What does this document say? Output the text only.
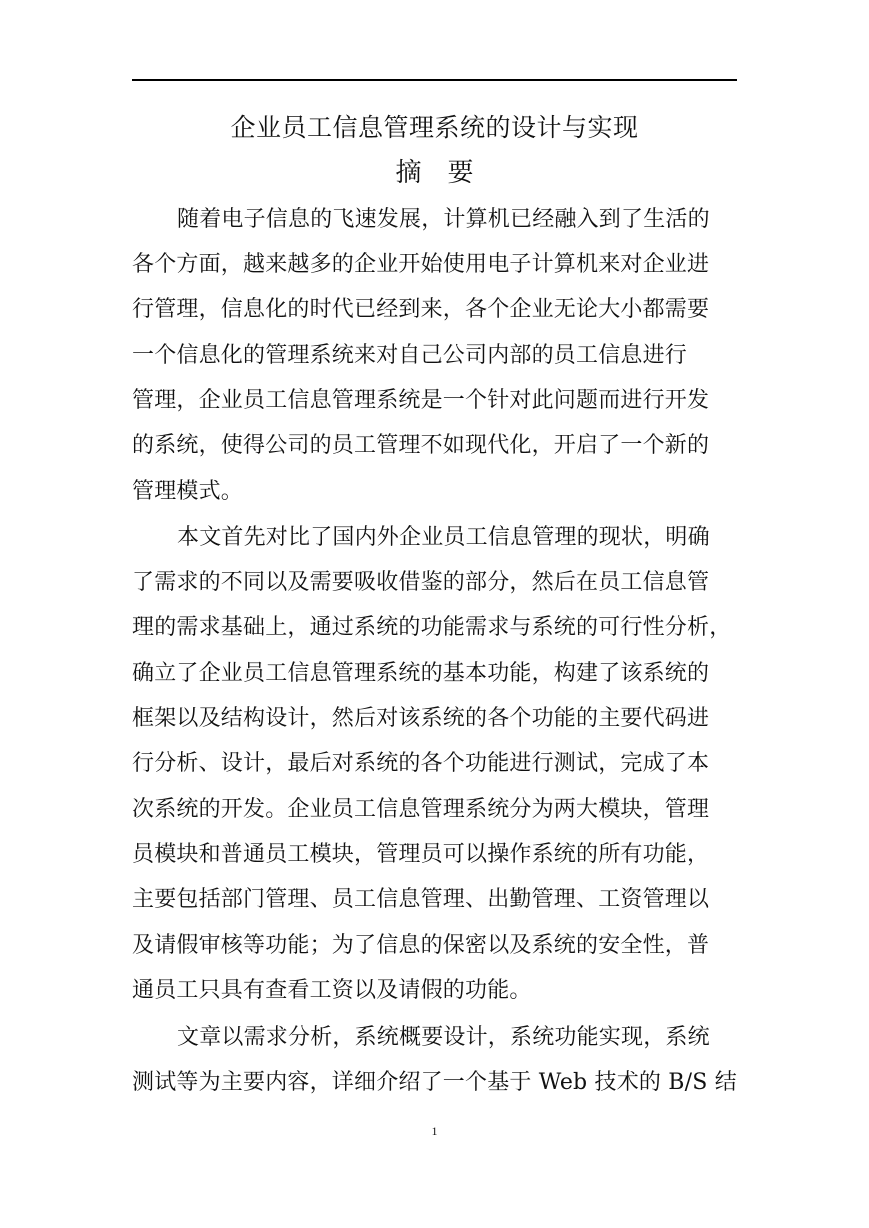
企业员工信息管理系统的设计与实现
摘　要
随着电子信息的飞速发展，计算机已经融入到了生活的
各个方面，越来越多的企业开始使用电子计算机来对企业进
行管理，信息化的时代已经到来，各个企业无论大小都需要
一个信息化的管理系统来对自己公司内部的员工信息进行
管理，企业员工信息管理系统是一个针对此问题而进行开发
的系统，使得公司的员工管理不如现代化，开启了一个新的
管理模式。
本文首先对比了国内外企业员工信息管理的现状，明确
了需求的不同以及需要吸收借鉴的部分，然后在员工信息管
理的需求基础上，通过系统的功能需求与系统的可行性分析，
确立了企业员工信息管理系统的基本功能，构建了该系统的
框架以及结构设计，然后对该系统的各个功能的主要代码进
行分析、设计，最后对系统的各个功能进行测试，完成了本
次系统的开发。企业员工信息管理系统分为两大模块，管理
员模块和普通员工模块，管理员可以操作系统的所有功能，
主要包括部门管理、员工信息管理、出勤管理、工资管理以
及请假审核等功能；为了信息的保密以及系统的安全性，普
通员工只具有查看工资以及请假的功能。
文章以需求分析，系统概要设计，系统功能实现，系统
测试等为主要内容，详细介绍了一个基于 Web 技术的 B/S 结
1
